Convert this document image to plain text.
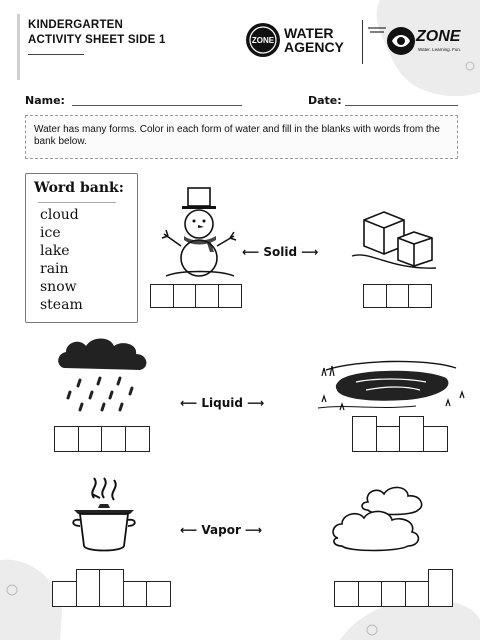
KINDERGARTEN
ACTIVITY SHEET SIDE 1	ZONE WATER
AGENCY
ZONE
Water. Learning. Fun.
Name:	Date:
Water has many forms. Color in each form of water and fill in the blanks with words from the bank below.
Word bank:
cloud
ice
lake
rain
snow
steam
⟵ Solid ⟶
⟵ Liquid ⟶
⟵ Vapor ⟶
